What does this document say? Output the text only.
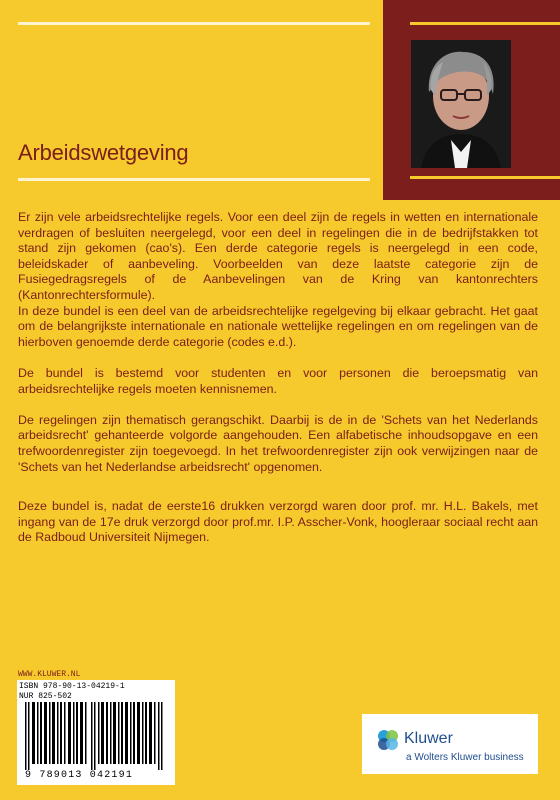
Arbeidswetgeving

Er zijn vele arbeidsrechtelijke regels. Voor een deel zijn de regels in wetten en internationale verdragen of besluiten neergelegd, voor een deel in regelingen die in de bedrijfstakken tot stand zijn gekomen (cao's). Een derde categorie regels is neergelegd in een code, beleidskader of aanbeveling. Voorbeelden van deze laatste categorie zijn de Fusiegedragsregels of de Aanbevelingen van de Kring van kantonrechters (Kantonrechtersformule).

In deze bundel is een deel van de arbeidsrechtelijke regelgeving bij elkaar gebracht. Het gaat om de belangrijkste internationale en nationale wettelijke regelingen en om regelingen van de hierboven genoemde derde categorie (codes e.d.).

De bundel is bestemd voor studenten en voor personen die beroepsmatig van arbeidsrechtelijke regels moeten kennisnemen.

De regelingen zijn thematisch gerangschikt. Daarbij is de in de 'Schets van het Nederlands arbeidsrecht' gehanteerde volgorde aangehouden. Een alfabetische inhoudsopgave en een trefwoordenregister zijn toegevoegd. In het trefwoordenregister zijn ook verwijzingen naar de 'Schets van het Nederlandse arbeidsrecht' opgenomen.

Deze bundel is, nadat de eerste16 drukken verzorgd waren door prof. mr. H.L. Bakels, met ingang van de 17e druk verzorgd door prof.mr. I.P. Asscher-Vonk, hoogleraar sociaal recht aan de Radboud Universiteit Nijmegen.

WWW.KLUWER.NL
ISBN 978-90-13-04219-1
NUR 825-502
9 789013 042191
Kluwer
a Wolters Kluwer business
